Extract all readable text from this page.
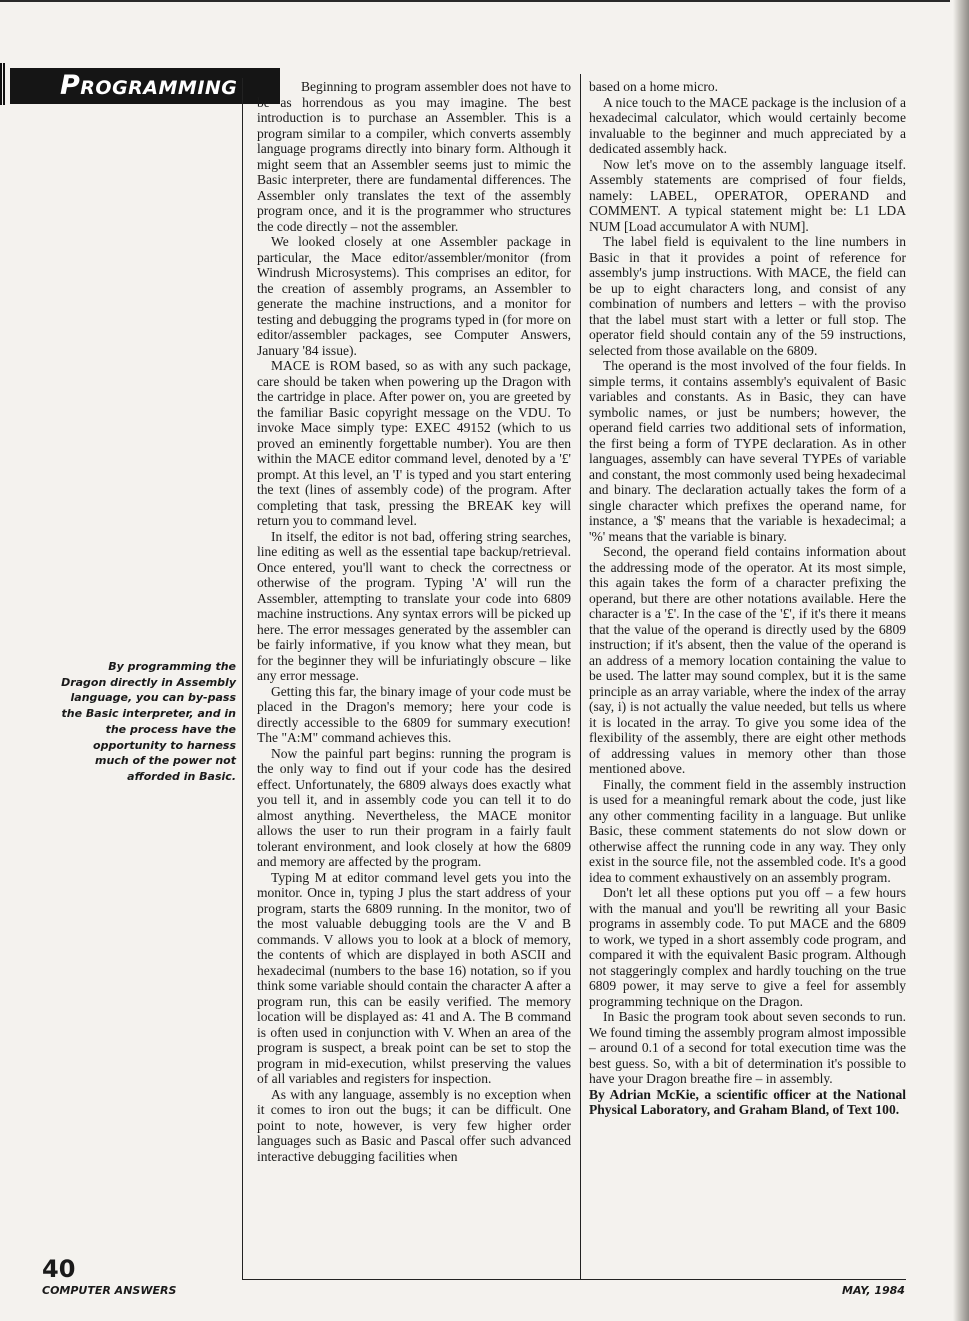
Programming
By programming the Dragon directly in Assembly language, you can by-pass the Basic interpreter, and in the process have the opportunity to harness much of the power not afforded in Basic.

Beginning to program assembler does not have to be as horrendous as you may imagine. The best introduction is to purchase an Assembler. This is a program similar to a compiler, which converts assembly language programs directly into binary form. Although it might seem that an Assembler seems just to mimic the Basic interpreter, there are fundamental differences. The Assembler only translates the text of the assembly program once, and it is the programmer who structures the code directly – not the assembler.

We looked closely at one Assembler package in particular, the Mace editor/assembler/monitor (from Windrush Microsystems). This comprises an editor, for the creation of assembly programs, an Assembler to generate the machine instructions, and a monitor for testing and debugging the programs typed in (for more on editor/assembler packages, see Computer Answers, January '84 issue).

MACE is ROM based, so as with any such package, care should be taken when powering up the Dragon with the cartridge in place. After power on, you are greeted by the familiar Basic copyright message on the VDU. To invoke Mace simply type: EXEC 49152 (which to us proved an eminently forgettable number). You are then within the MACE editor command level, denoted by a '£' prompt. At this level, an 'I' is typed and you start entering the text (lines of assembly code) of the program. After completing that task, pressing the BREAK key will return you to command level.

In itself, the editor is not bad, offering string searches, line editing as well as the essential tape backup/retrieval. Once entered, you'll want to check the correctness or otherwise of the program. Typing 'A' will run the Assembler, attempting to translate your code into 6809 machine instructions. Any syntax errors will be picked up here. The error messages generated by the assembler can be fairly informative, if you know what they mean, but for the beginner they will be infuriatingly obscure – like any error message.

Getting this far, the binary image of your code must be placed in the Dragon's memory; here your code is directly accessible to the 6809 for summary execution! The "A:M" command achieves this.

Now the painful part begins: running the program is the only way to find out if your code has the desired effect. Unfortunately, the 6809 always does exactly what you tell it, and in assembly code you can tell it to do almost anything. Nevertheless, the MACE monitor allows the user to run their program in a fairly fault tolerant environment, and look closely at how the 6809 and memory are affected by the program.

Typing M at editor command level gets you into the monitor. Once in, typing J plus the start address of your program, starts the 6809 running. In the monitor, two of the most valuable debugging tools are the V and B commands. V allows you to look at a block of memory, the contents of which are displayed in both ASCII and hexadecimal (numbers to the base 16) notation, so if you think some variable should contain the character A after a program run, this can be easily verified. The memory location will be displayed as: 41 and A. The B command is often used in conjunction with V. When an area of the program is suspect, a break point can be set to stop the program in mid-execution, whilst preserving the values of all variables and registers for inspection.

As with any language, assembly is no exception when it comes to iron out the bugs; it can be difficult. One point to note, however, is very few higher order languages such as Basic and Pascal offer such advanced interactive debugging facilities when

based on a home micro.

A nice touch to the MACE package is the inclusion of a hexadecimal calculator, which would certainly become invaluable to the beginner and much appreciated by a dedicated assembly hack.

Now let's move on to the assembly language itself. Assembly statements are comprised of four fields, namely: LABEL, OPERATOR, OPERAND and COMMENT. A typical statement might be: L1 LDA NUM [Load accumulator A with NUM].

The label field is equivalent to the line numbers in Basic in that it provides a point of reference for assembly's jump instructions. With MACE, the field can be up to eight characters long, and consist of any combination of numbers and letters – with the proviso that the label must start with a letter or full stop. The operator field should contain any of the 59 instructions, selected from those available on the 6809.

The operand is the most involved of the four fields. In simple terms, it contains assembly's equivalent of Basic variables and constants. As in Basic, they can have symbolic names, or just be numbers; however, the operand field carries two additional sets of information, the first being a form of TYPE declaration. As in other languages, assembly can have several TYPEs of variable and constant, the most commonly used being hexadecimal and binary. The declaration actually takes the form of a single character which prefixes the operand name, for instance, a '$' means that the variable is hexadecimal; a '%' means that the variable is binary.

Second, the operand field contains information about the addressing mode of the operator. At its most simple, this again takes the form of a character prefixing the operand, but there are other notations available. Here the character is a '£'. In the case of the '£', if it's there it means that the value of the operand is directly used by the 6809 instruction; if it's absent, then the value of the operand is an address of a memory location containing the value to be used. The latter may sound complex, but it is the same principle as an array variable, where the index of the array (say, i) is not actually the value needed, but tells us where it is located in the array. To give you some idea of the flexibility of the assembly, there are eight other methods of addressing values in memory other than those mentioned above.

Finally, the comment field in the assembly instruction is used for a meaningful remark about the code, just like any other commenting facility in a language. But unlike Basic, these comment statements do not slow down or otherwise affect the running code in any way. They only exist in the source file, not the assembled code. It's a good idea to comment exhaustively on an assembly program.

Don't let all these options put you off – a few hours with the manual and you'll be rewriting all your Basic programs in assembly code. To put MACE and the 6809 to work, we typed in a short assembly code program, and compared it with the equivalent Basic program. Although not staggeringly complex and hardly touching on the true 6809 power, it may serve to give a feel for assembly programming technique on the Dragon.

In Basic the program took about seven seconds to run. We found timing the assembly program almost impossible – around 0.1 of a second for total execution time was the best guess. So, with a bit of determination it's possible to have your Dragon breathe fire – in assembly.

By Adrian McKie, a scientific officer at the National Physical Laboratory, and Graham Bland, of Text 100.

40
COMPUTER ANSWERS	MAY, 1984
